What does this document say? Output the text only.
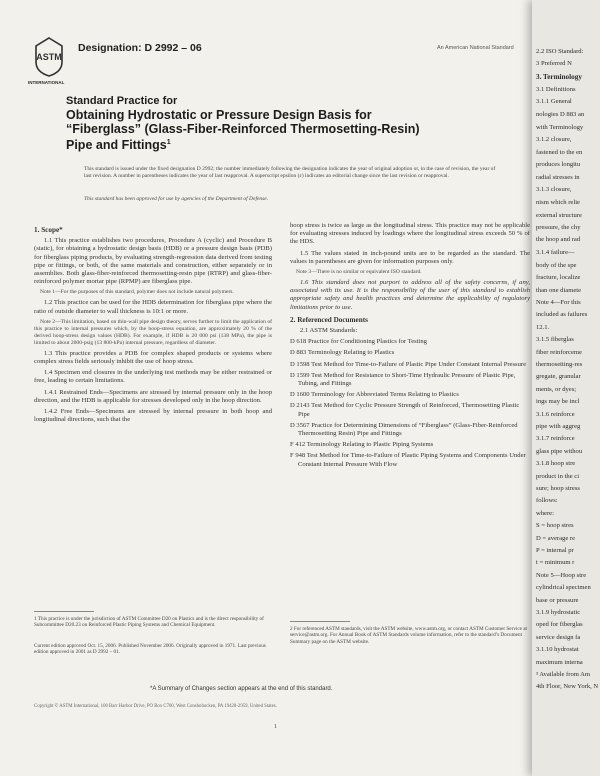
ASTM
INTERNATIONAL
Designation: D 2992 – 06	An American National Standard
Standard Practice for
Obtaining Hydrostatic or Pressure Design Basis for
“Fiberglass” (Glass-Fiber-Reinforced Thermosetting-Resin)
Pipe and Fittings$^1$
This standard is issued under the fixed designation D 2992; the number immediately following the designation indicates the year of original adoption or, in the case of revision, the year of last revision. A number in parentheses indicates the year of last reapproval. A superscript epsilon (ε) indicates an editorial change since the last revision or reapproval.
This standard has been approved for use by agencies of the Department of Defense.

1. Scope*

1.1 This practice establishes two procedures, Procedure A (cyclic) and Procedure B (static), for obtaining a hydrostatic design basis (HDB) or a pressure design basis (PDB) for fiberglass piping products, by evaluating strength-regression data derived from testing pipe or fittings, or both, of the same materials and construction, either separately or in assemblies. Both glass-fiber-reinforced thermosetting-resin pipe (RTRP) and glass-fiber-reinforced polymer mortar pipe (RPMP) are fiberglass pipe.

Note 1—For the purposes of this standard, polymer does not include natural polymers.

1.2 This practice can be used for the HDB determination for fiberglass pipe where the ratio of outside diameter to wall thickness is 10:1 or more.

Note 2—This limitation, based on thin-wall pipe design theory, serves further to limit the application of this practice to internal pressures which, by the hoop-stress equation, are approximately 20 % of the derived hoop-stress design values (HDB). For example, if HDB is 20 000 psi (138 MPa), the pipe is limited to about 2000-psig (13 800-kPa) internal pressure, regardless of diameter.

1.3 This practice provides a PDB for complex shaped products or systems where complex stress fields seriously inhibit the use of hoop stress.

1.4 Specimen end closures in the underlying test methods may be either restrained or free, leading to certain limitations.

1.4.1 Restrained Ends—Specimens are stressed by internal pressure only in the hoop direction, and the HDB is applicable for stresses developed only in the hoop direction.

1.4.2 Free Ends—Specimens are stressed by internal pressure in both hoop and longitudinal directions, such that the

1 This practice is under the jurisdiction of ASTM Committee D20 on Plastics and is the direct responsibility of Subcommittee D20.23 on Reinforced Plastic Piping Systems and Chemical Equipment.
Current edition approved Oct. 15, 2006. Published November 2006. Originally approved in 1971. Last previous edition approved in 2001 as D 2992 – 01.

hoop stress is twice as large as the longitudinal stress. This practice may not be applicable for evaluating stresses induced by loadings where the longitudinal stress exceeds 50 % of the HDS.

1.5 The values stated in inch-pound units are to be regarded as the standard. The values in parentheses are given for information purposes only.

Note 3—There is no similar or equivalent ISO standard.

1.6 This standard does not purport to address all of the safety concerns, if any, associated with its use. It is the responsibility of the user of this standard to establish appropriate safety and health practices and determine the applicability of regulatory limitations prior to use.

2. Referenced Documents

2.1 ASTM Standards:

D 618 Practice for Conditioning Plastics for Testing

D 883 Terminology Relating to Plastics

D 1598 Test Method for Time-to-Failure of Plastic Pipe Under Constant Internal Pressure

D 1599 Test Method for Resistance to Short-Time Hydraulic Pressure of Plastic Pipe, Tubing, and Fittings

D 1600 Terminology for Abbreviated Terms Relating to Plastics

D 2143 Test Method for Cyclic Pressure Strength of Reinforced, Thermosetting Plastic Pipe

D 3567 Practice for Determining Dimensions of “Fiberglass” (Glass-Fiber-Reinforced Thermosetting Resin) Pipe and Fittings

F 412 Terminology Relating to Plastic Piping Systems

F 948 Test Method for Time-to-Failure of Plastic Piping Systems and Components Under Constant Internal Pressure With Flow

2 For referenced ASTM standards, visit the ASTM website, www.astm.org, or contact ASTM Customer Service at service@astm.org. For Annual Book of ASTM Standards volume information, refer to the standard’s Document Summary page on the ASTM website.
*A Summary of Changes section appears at the end of this standard.
Copyright © ASTM International, 100 Barr Harbor Drive, PO Box C700, West Conshohocken, PA 19428-2959, United States.
1
2.2 ISO Standard:
3 Preferred N
3. Terminology
3.1 Definitions
3.1.1 General
nologies D 883 an
with Terminology
3.1.2 closure,
fastened to the en
produces longitu
radial stresses in
3.1.3 closure,
nism which relie
external structure
pressure, the chy
the hoop and rad
3.1.4 failure—
body of the spe
fracture, localize
than one diamete
Note 4—For this
included as failures
12.1.
3.1.5 fiberglas
fiber reinforceme
thermosetting-res
gregate, granular
ments, or dyes;
ings may be incl
3.1.6 reinforce
pipe with aggreg
3.1.7 reinforce
glass pipe withou
3.1.8 hoop stre
product in the ci
sure; hoop stress
follows:
where:
S = hoop stres
D = average re
P = internal pr
t = minimum r
Note 5—Hoop stre
cylindrical specimen
base or pressure
3.1.9 hydrostatic
oped for fiberglas
service design fa
3.1.10 hydrostat
maximum interna
³ Available from Am
4th Floor, New York, N
